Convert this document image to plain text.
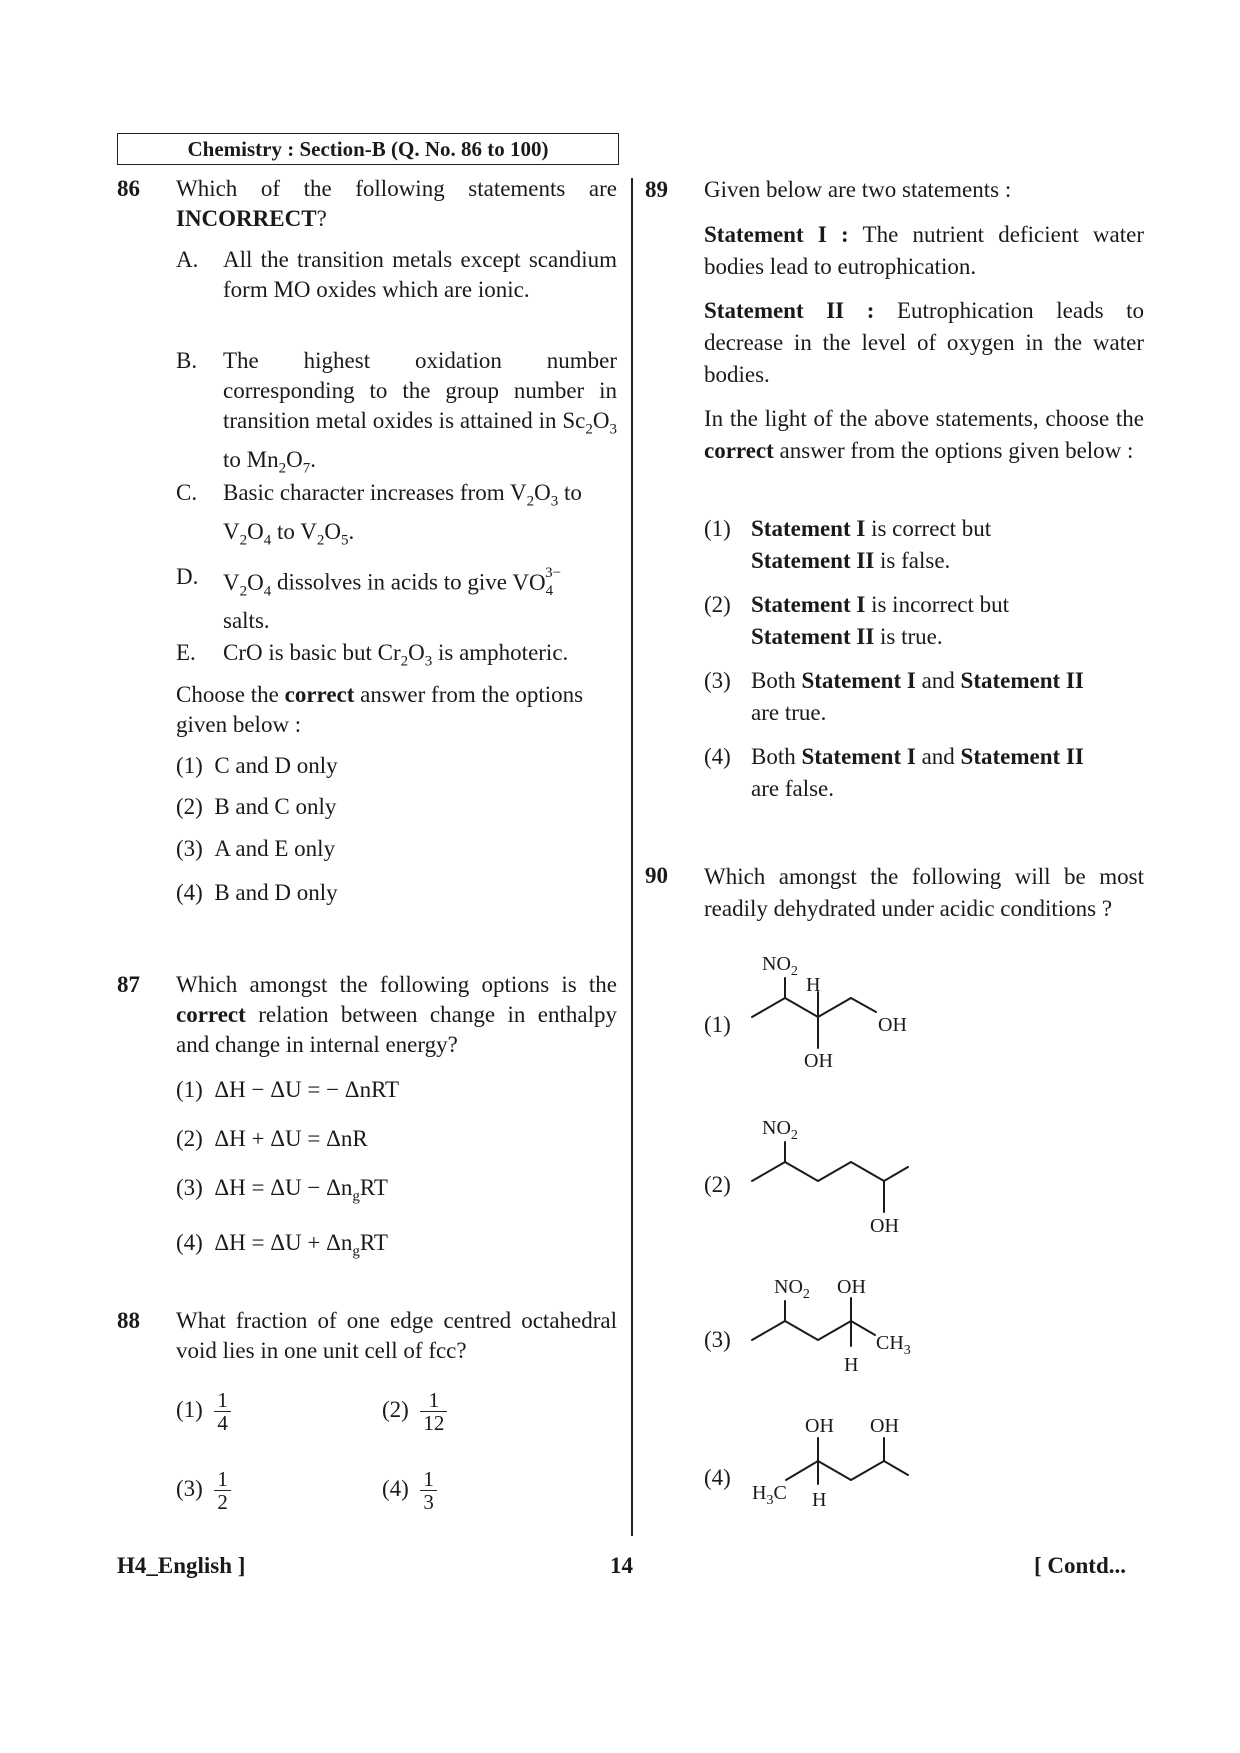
Chemistry : Section-B (Q. No. 86 to 100)
86 Which of the following statements are INCORRECT?
A. All the transition metals except scandium form MO oxides which are ionic.
B. The highest oxidation number corresponding to the group number in transition metal oxides is attained in $Sc_2O_3$ to $Mn_2O_7$.
C. Basic character increases from $V_2O_3$ to $V_2O_4$ to $V_2O_5$.
D. $V_2O_4$ dissolves in acids to give $VO_4^{3-}$
salts.
E. CrO is basic but $Cr_2O_3$ is amphoteric.
Choose the correct answer from the options given below :
(1) C and D only
(2) B and C only
(3) A and E only
(4) B and D only
87 Which amongst the following options is the correct relation between change in enthalpy and change in internal energy?
(1) ΔH − ΔU = − ΔnRT
(2) ΔH + ΔU = ΔnR
(3) $\Delta H = \Delta U - \Delta n_gRT$
(4) $\Delta H = \Delta U + \Delta n_gRT$
88 What fraction of one edge centred octahedral void lies in one unit cell of fcc?
$(1) \frac{1}{4}$	$(2) \frac{1}{12}$
$(3) \frac{1}{2}$	$(4) \frac{1}{3}$
89 Given below are two statements :
Statement I : The nutrient deficient water bodies lead to eutrophication.
Statement II : Eutrophication leads to decrease in the level of oxygen in the water bodies.
In the light of the above statements, choose the correct answer from the options given below :
(1) Statement I is correct but
Statement II is false.
(2) Statement I is incorrect but
Statement II is true.
(3) Both Statement I and Statement II
are true.
(4) Both Statement I and Statement II
are false.
90 Which amongst the following will be most readily dehydrated under acidic conditions ?
(1)
(2)
(3)
(4)
$NO_2$
H
OH
OH
$NO_2$
OH
$NO_2$ OH
$CH_3$
H
$H_3C$
OH OH
H
H4_English ]	14	[ Contd...
